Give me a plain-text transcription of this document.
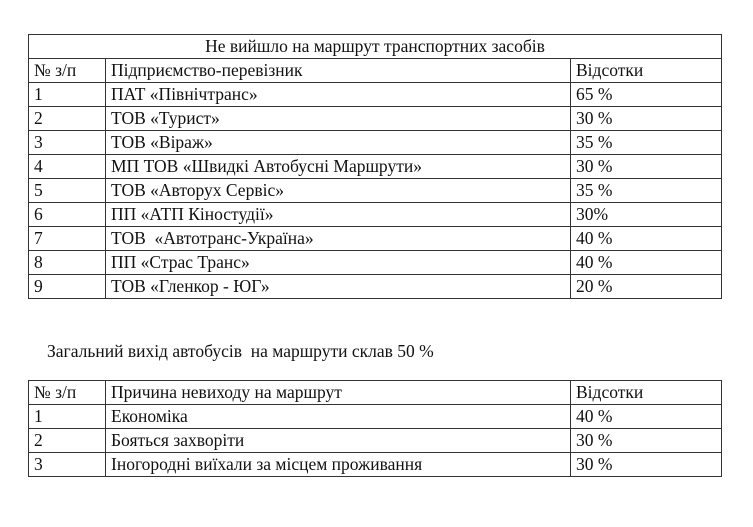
Не вийшло на маршрут транспортних засобів		
№ з/п	Підприємство-перевізник	Відсотки
1	ПАТ «Північтранс»	65 %
2	ТОВ «Турист»	30 %
3	ТОВ «Віраж»	35 %
4	МП ТОВ «Швидкі Автобусні Маршрути»	30 %
5	ТОВ «Авторух Сервіс»	35 %
6	ПП «АТП Кіностудії»	30%
7	ТОВ  «Автотранс-Україна»	40 %
8	ПП «Страс Транс»	40 %
9	ТОВ «Гленкор - ЮГ»	20 %
Загальний вихід автобусів  на маршрути склав 50 %
№ з/п	Причина невиходу на маршрут	Відсотки
1	Економіка	40 %
2	Бояться захворіти	30 %
3	Іногородні виїхали за місцем проживання	30 %
